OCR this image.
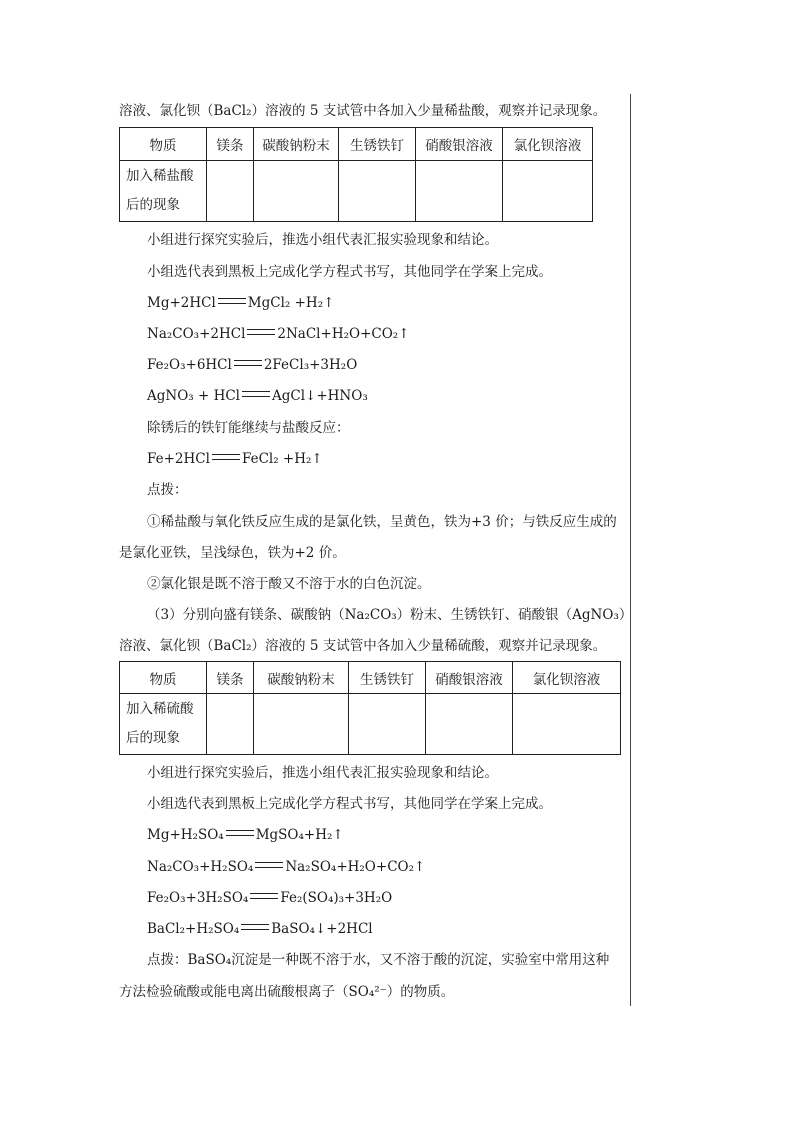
溶液、氯化钡（BaCl₂）溶液的 5 支试管中各加入少量稀盐酸，观察并记录现象。
物质	镁条	碳酸钠粉末	生锈铁钉	硝酸银溶液	氯化钡溶液
加入稀盐酸
后的现象					
小组进行探究实验后，推选小组代表汇报实验现象和结论。
小组选代表到黑板上完成化学方程式书写，其他同学在学案上完成。
Mg+2HCl MgCl₂ +H₂↑
Na₂CO₃+2HCl 2NaCl+H₂O+CO₂↑
Fe₂O₃+6HCl 2FeCl₃+3H₂O
AgNO₃ + HCl AgCl↓+HNO₃
除锈后的铁钉能继续与盐酸反应：
Fe+2HCl FeCl₂ +H₂↑
点拨：
①稀盐酸与氧化铁反应生成的是氯化铁，呈黄色，铁为+3 价；与铁反应生成的
是氯化亚铁，呈浅绿色，铁为+2 价。
②氯化银是既不溶于酸又不溶于水的白色沉淀。
（3）分别向盛有镁条、碳酸钠（Na₂CO₃）粉末、生锈铁钉、硝酸银（AgNO₃）
溶液、氯化钡（BaCl₂）溶液的 5 支试管中各加入少量稀硫酸，观察并记录现象。
物质	镁条	碳酸钠粉末	生锈铁钉	硝酸银溶液	氯化钡溶液
加入稀硫酸
后的现象					
小组进行探究实验后，推选小组代表汇报实验现象和结论。
小组选代表到黑板上完成化学方程式书写，其他同学在学案上完成。
Mg+H₂SO₄ MgSO₄+H₂↑
Na₂CO₃+H₂SO₄ Na₂SO₄+H₂O+CO₂↑
Fe₂O₃+3H₂SO₄ Fe₂(SO₄)₃+3H₂O
BaCl₂+H₂SO₄ BaSO₄↓+2HCl
点拨：BaSO₄沉淀是一种既不溶于水，又不溶于酸的沉淀，实验室中常用这种
方法检验硫酸或能电离出硫酸根离子（SO₄²⁻）的物质。
